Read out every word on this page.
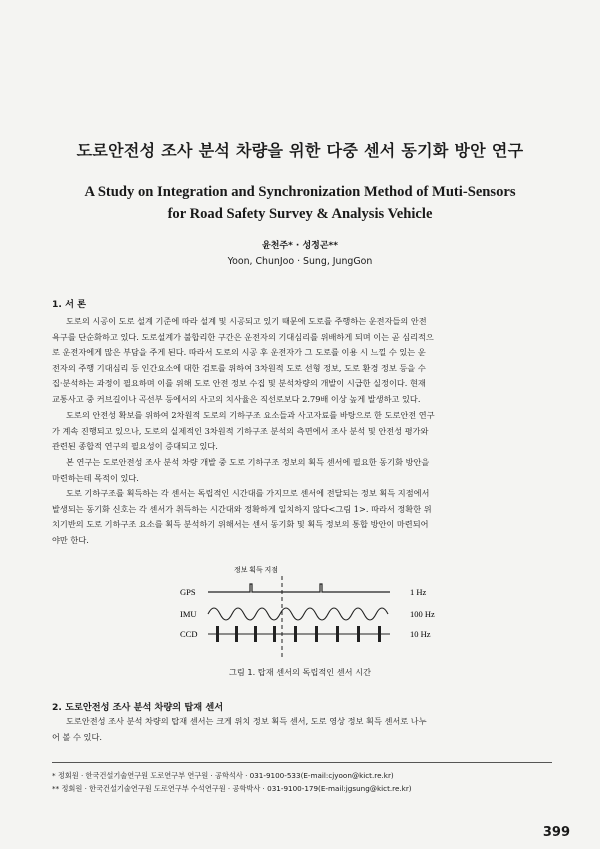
도로안전성 조사 분석 차량을 위한 다중 센서 동기화 방안 연구
A Study on Integration and Synchronization Method of Muti-Sensors
for Road Safety Survey & Analysis Vehicle
윤천주* · 성정곤**
Yoon, ChunJoo · Sung, JungGon
1. 서 론
도로의 시공이 도로 설계 기준에 따라 설계 및 시공되고 있기 때문에 도로를 주행하는 운전자들의 안전
욕구를 단순화하고 있다. 도로설계가 불합리한 구간은 운전자의 기대심리를 위배하게 되며 이는 곧 심리적으
로 운전자에게 많은 부담을 주게 된다. 따라서 도로의 시공 후 운전자가 그 도로를 이용 시 느낄 수 있는 운
전자의 주행 기대심리 등 인간요소에 대한 검토를 위하여 3차원적 도로 선형 정보, 도로 환경 정보 등을 수
집·분석하는 과정이 필요하며 이를 위해 도로 안전 정보 수집 및 분석차량의 개발이 시급한 실정이다. 현재
교통사고 중 커브길이나 곡선부 등에서의 사고의 치사율은 직선로보다 2.79배 이상 높게 발생하고 있다.
도로의 안전성 확보를 위하여 2차원적 도로의 기하구조 요소들과 사고자료를 바탕으로 한 도로안전 연구
가 계속 진행되고 있으나, 도로의 실제적인 3차원적 기하구조 분석의 측면에서 조사 분석 및 안전성 평가와
관련된 종합적 연구의 필요성이 증대되고 있다.
본 연구는 도로안전성 조사 분석 차량 개발 중 도로 기하구조 정보의 획득 센서에 필요한 동기화 방안을
마련하는데 목적이 있다.
도로 기하구조를 획득하는 각 센서는 독립적인 시간대를 가지므로 센서에 전달되는 정보 획득 지점에서
발생되는 동기화 신호는 각 센서가 취득하는 시간대와 정확하게 일치하지 않다<그림 1>. 따라서 정확한 위
치기반의 도로 기하구조 요소를 획득 분석하기 위해서는 센서 동기화 및 획득 정보의 통합 방안이 마련되어
야만 한다.
정보 획득 지점
GPS	1 Hz
IMU	100 Hz
CCD	10 Hz
그림 1. 탑재 센서의 독립적인 센서 시간
2. 도로안전성 조사 분석 차량의 탑재 센서
도로안전성 조사 분석 차량의 탑재 센서는 크게 위치 정보 획득 센서, 도로 영상 정보 획득 센서로 나누
어 볼 수 있다.
* 정회원 · 한국건설기술연구원 도로연구부 연구원 · 공학석사 · 031-9100-533(E-mail:cjyoon@kict.re.kr)
** 정회원 · 한국건설기술연구원 도로연구부 수석연구원 · 공학박사 · 031-9100-179(E-mail:jgsung@kict.re.kr)
399
